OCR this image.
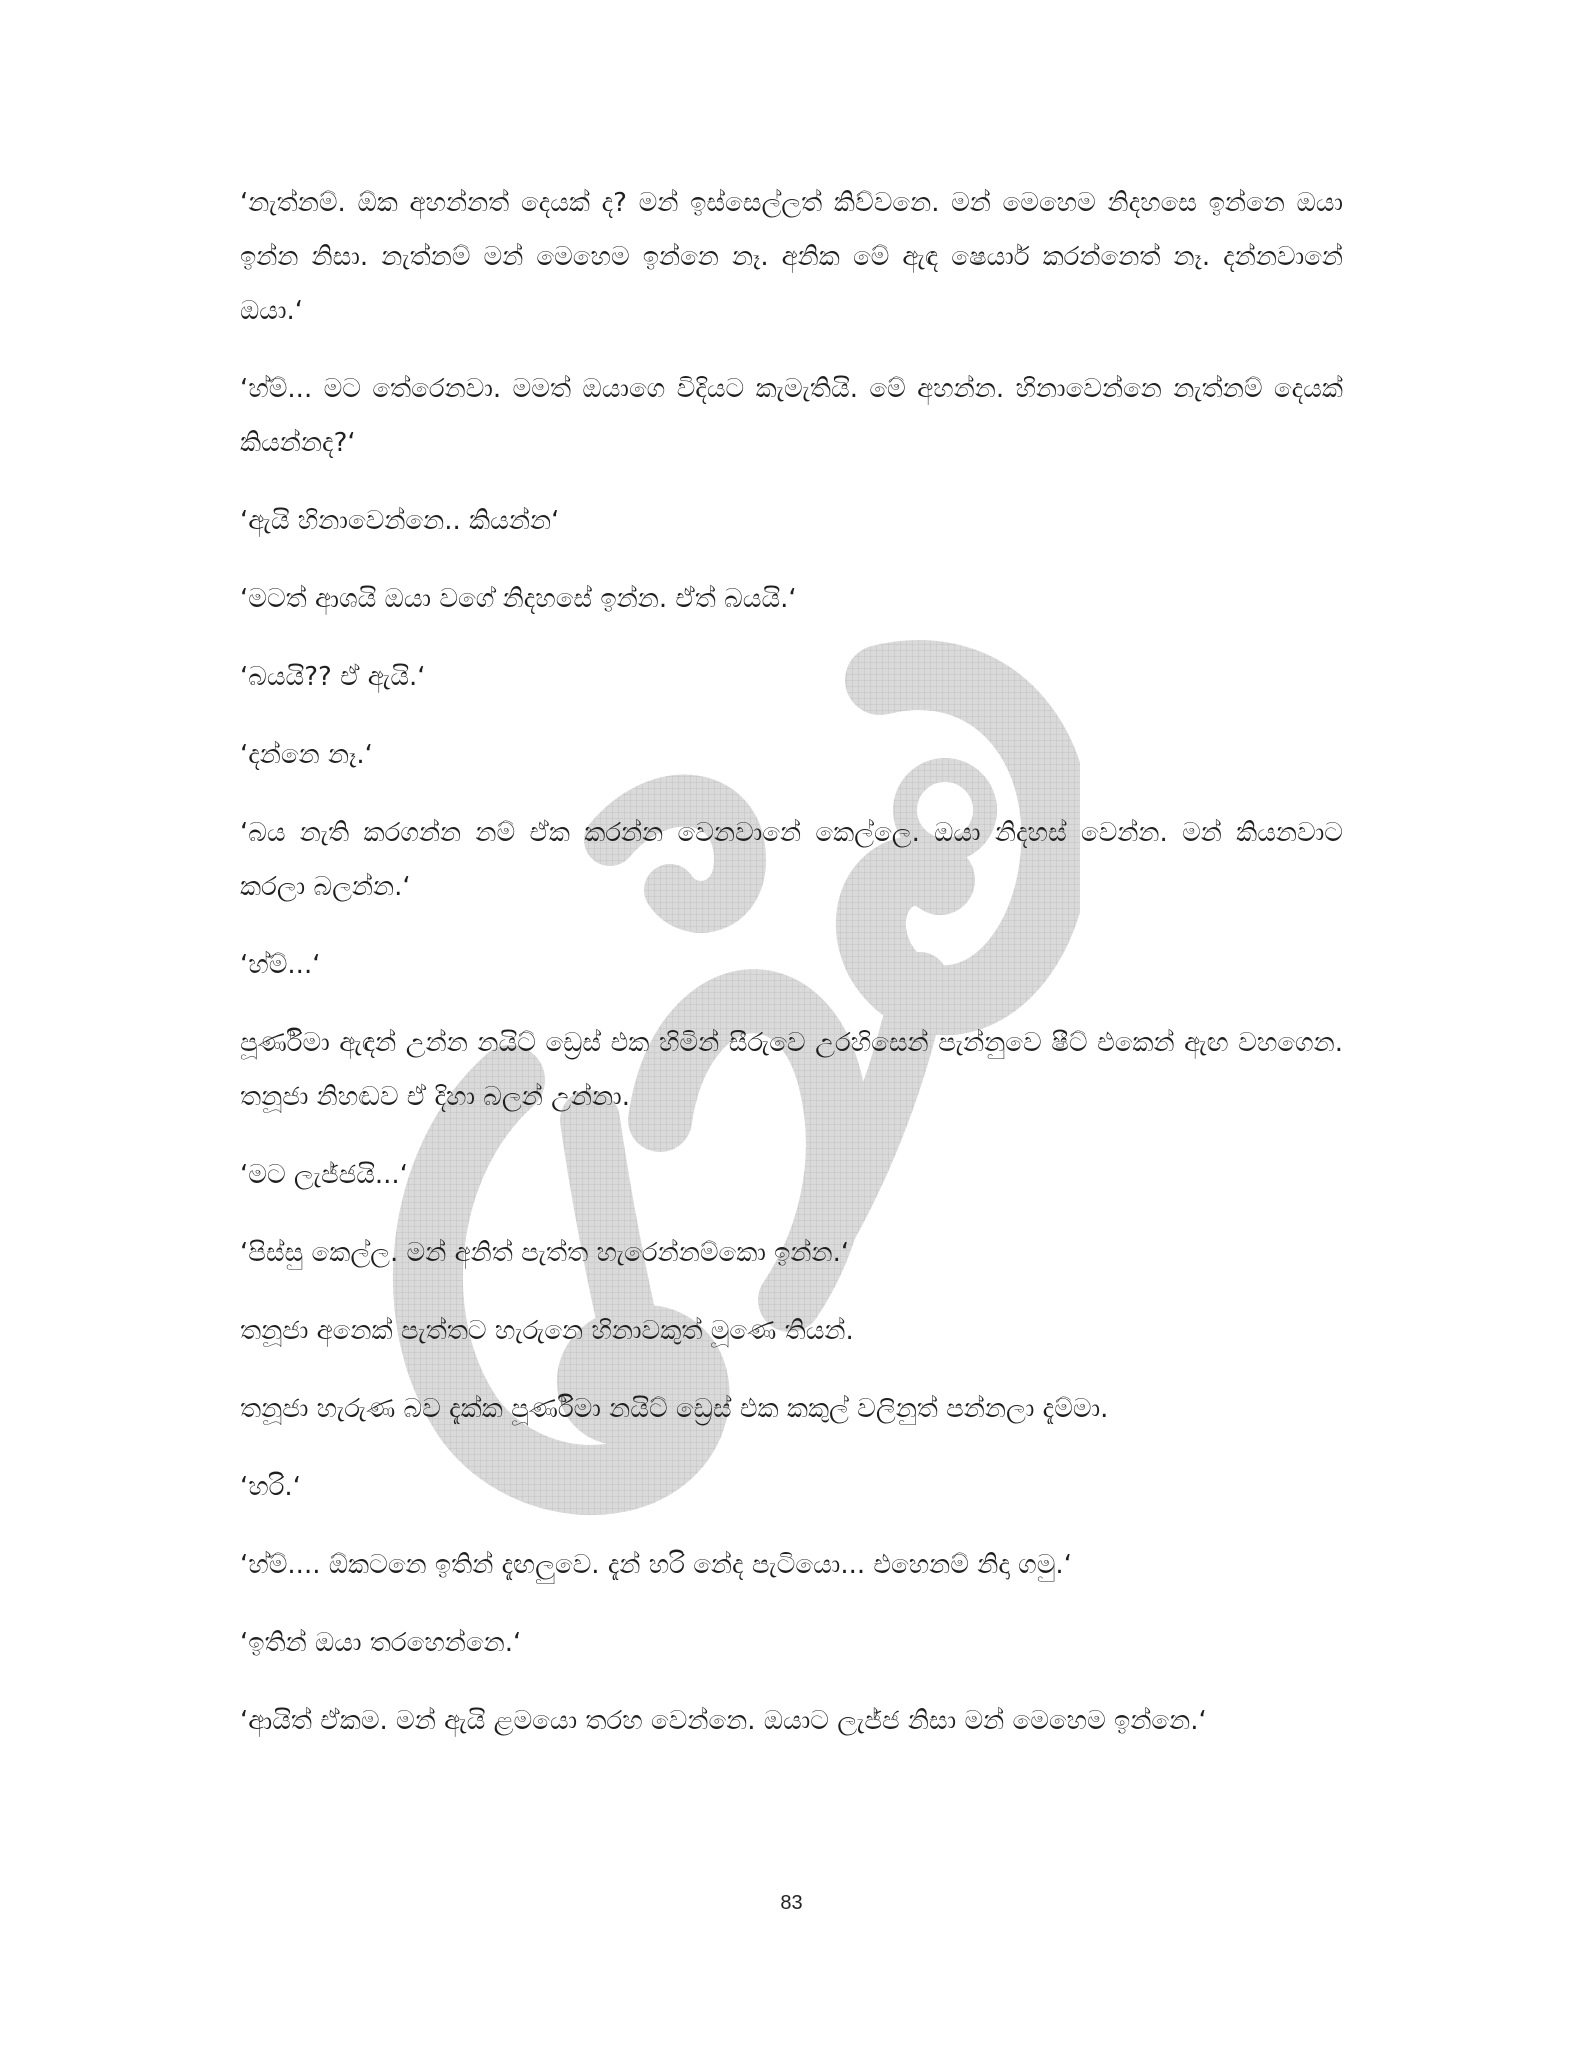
‘නැත්නම්. ඕක අහන්නත් දෙයක් ද? මන් ඉස්සෙල්ලත් කිව්වනෙ. මන් මෙහෙම නිදහසෙ ඉන්නෙ ඔයා ඉන්න නිසා. නැත්නම් මන් මෙහෙම ඉන්නෙ නෑ. අනික මේ ඇඳ ෂෙයාර් කරන්නෙත් නෑ. දන්නවානේ ඔයා.‘

‘හ්ම්... මට තේරෙනවා. මමත් ඔයාගෙ විදියට කැමැතියි. මේ අහන්න. හිනාවෙන්නෙ නැත්නම් දෙයක් කියන්නද?‘

‘ඇයි හිනාවෙන්නෙ.. කියන්න‘

‘මටත් ආශයි ඔයා වගේ නිදහසේ ඉන්න. ඒත් බයයි.‘

‘බයයි?? ඒ ඇයි.‘

‘දන්නෙ නෑ.‘

‘බය නැති කරගන්න නම් ඒක කරන්න වෙනවානේ කෙල්ලෙ. ඔයා නිදහස් වෙන්න. මන් කියනවාට කරලා බලන්න.‘

‘හ්ම්...‘

පූර්ණිමා ඇඳන් උන්න නයිට් ඩ්‍රෙස් එක හිමින් සීරුවෙ උරහිසෙන් පැන්නුවෙ ෂීට් එකෙන් ඇඟ වහගෙන. තනූජා නිහඬව ඒ දිහා බලන් උන්නා.

‘මට ලැජ්ජයි...‘

‘පිස්සු කෙල්ල. මන් අනිත් පැත්ත හැරෙන්නම්කො ඉන්න.‘

තනූජා අනෙක් පැත්තට හැරුනෙ හිනාවකුත් මූණෙ තියන්.

තනූජා හැරුණ බව දැක්ක පූර්ණිමා නයිට් ඩ්‍රෙස් එක කකුල් වලිනුත් පන්නලා දැම්මා.

‘හරි.‘

‘හ්ම්.... ඕකටනෙ ඉතින් දැඟලුවෙ. දැන් හරි නේද පැටියො... එහෙනම් නිදා ගමු.‘

‘ඉතින් ඔයා තරහෙන්නෙ.‘

‘ආයිත් ඒකම. මන් ඇයි ළමයො තරහ වෙන්නෙ. ඔයාට ලැජ්ජ නිසා මන් මෙහෙම ඉන්නෙ.‘

83
